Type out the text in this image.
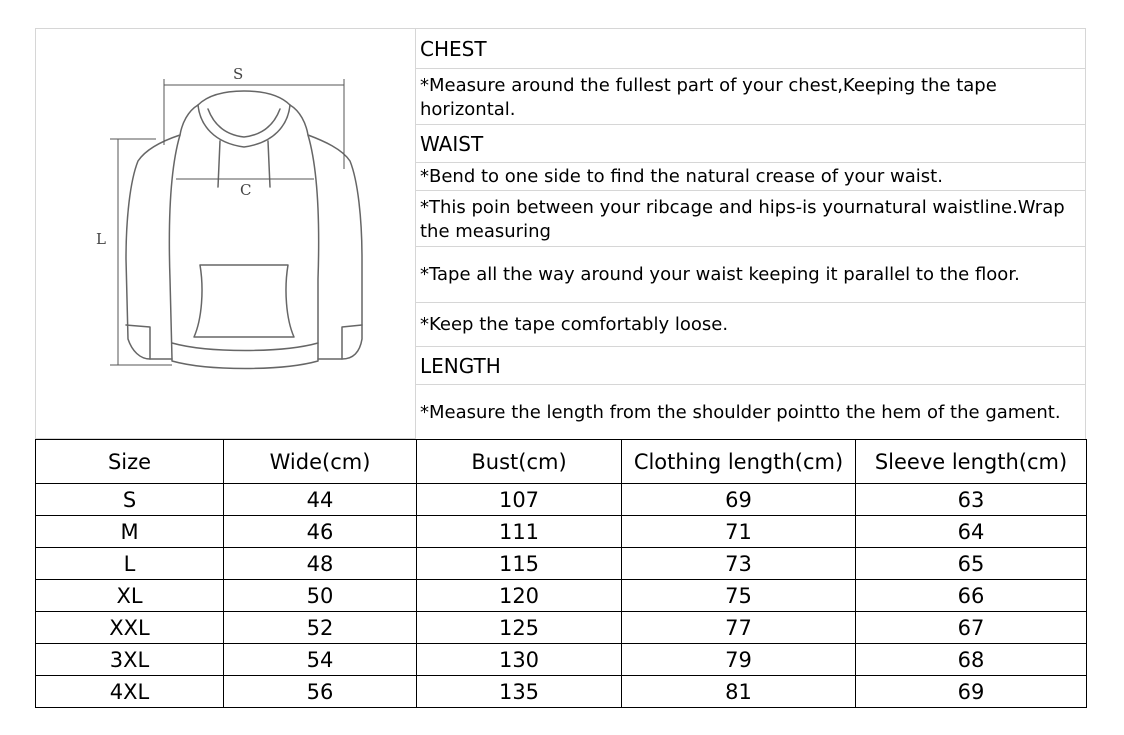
S
C
L
CHEST
*Measure around the fullest part of your chest,Keeping the tape horizontal.
WAIST
*Bend to one side to find the natural crease of your waist.
*This poin between your ribcage and hips-is yournatural waistline.Wrap the measuring
*Tape all the way around your waist keeping it parallel to the floor.
*Keep the tape comfortably loose.
LENGTH
*Measure the length from the shoulder pointto the hem of the gament.
Size	Wide(cm)	Bust(cm)	Clothing length(cm)	Sleeve length(cm)
S	44	107	69	63
M	46	111	71	64
L	48	115	73	65
XL	50	120	75	66
XXL	52	125	77	67
3XL	54	130	79	68
4XL	56	135	81	69
